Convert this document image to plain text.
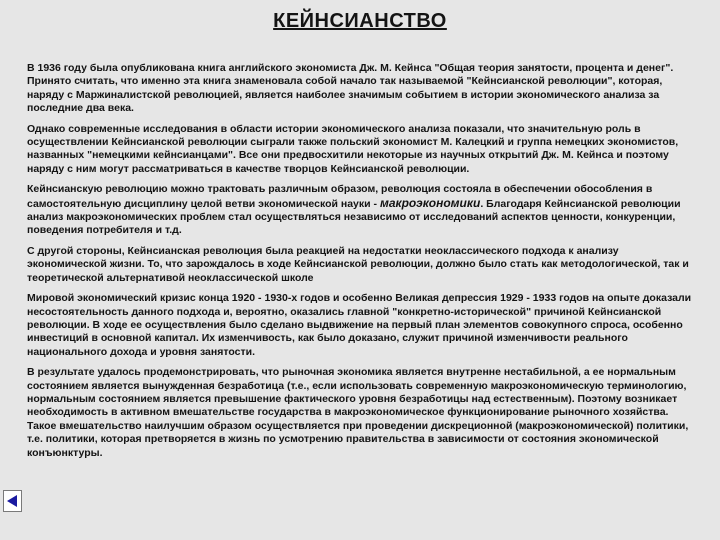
КЕЙНСИАНСТВО

В 1936 году была опубликована книга английского экономиста Дж. М. Кейнса "Общая теория занятости, процента и денег". Принято считать, что именно эта книга знаменовала собой начало так называемой "Кейнсианской революции", которая, наряду с Маржиналистской революцией, является наиболее значимым событием в истории экономического анализа за последние два века.

Однако современные исследования в области истории экономического анализа показали, что значительную роль в осуществлении Кейнсианской революции сыграли также польский экономист М. Калецкий и группа немецких экономистов, названных "немецкими кейнсианцами". Все они предвосхитили некоторые из научных открытий Дж. М. Кейнса и поэтому наряду с ним могут рассматриваться в качестве творцов Кейнсианской революции.

Кейнсианскую революцию можно трактовать различным образом, революция состояла в обеспечении обособления в самостоятельную дисциплину целой ветви экономической науки - макроэкономики. Благодаря Кейнсианской революции анализ макроэкономических проблем стал осуществляться независимо от исследований аспектов ценности, конкуренции, поведения потребителя и т.д.

С другой стороны, Кейнсианская революция была реакцией на недостатки неоклассического подхода к анализу экономической жизни. То, что зарождалось в ходе Кейнсианской революции, должно было стать как методологической, так и теоретической альтернативой неоклассической школе

Мировой экономический кризис конца 1920 - 1930-х годов и особенно Великая депрессия 1929 - 1933 годов на опыте доказали несостоятельность данного подхода и, вероятно, оказались главной "конкретно-исторической" причиной Кейнсианской революции. В ходе ее осуществления было сделано выдвижение на первый план элементов совокупного спроса, особенно инвестиций в основной капитал. Их изменчивость, как было доказано, служит причиной изменчивости реального национального дохода и уровня занятости.

В результате удалось продемонстрировать, что рыночная экономика является внутренне нестабильной, а ее нормальным состоянием является вынужденная безработица (т.е., если использовать современную макроэкономическую терминологию, нормальным состоянием является превышение фактического уровня безработицы над естественным). Поэтому возникает необходимость в активном вмешательстве государства в макроэкономическое функционирование рыночного хозяйства. Такое вмешательство наилучшим образом осуществляется при проведении дискреционной (макроэкономической) политики, т.е. политики, которая претворяется в жизнь по усмотрению правительства в зависимости от состояния экономической конъюнктуры.
